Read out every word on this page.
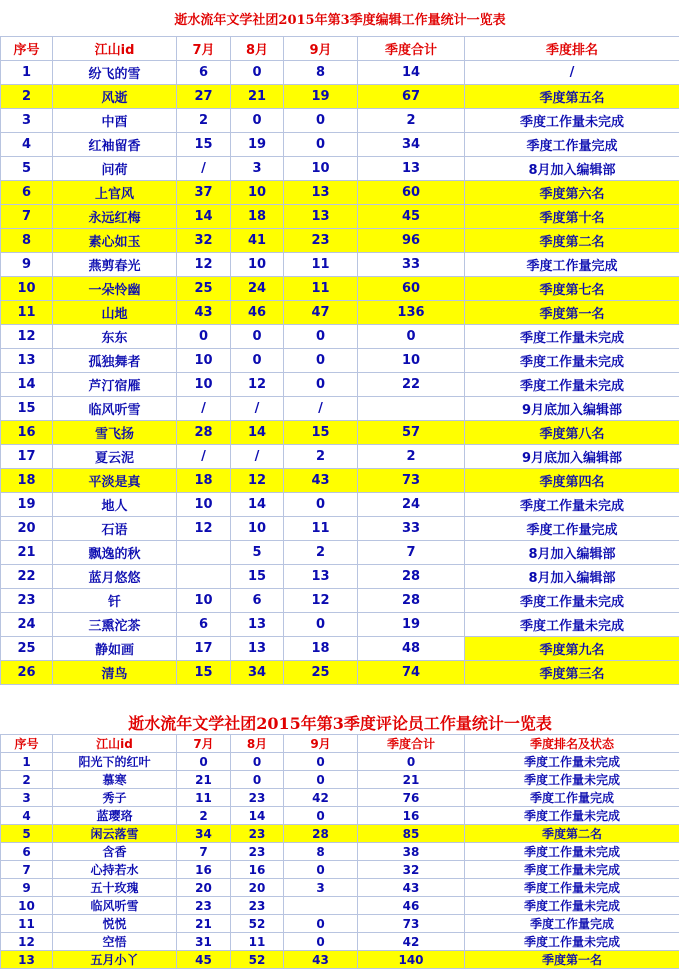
逝水流年文学社团2015年第3季度编辑工作量统计一览表						
序号	江山id	7月	8月	9月	季度合计	季度排名
1	纷飞的雪	6	0	8	14	/
2	风逝	27	21	19	67	季度第五名
3	中酉	2	0	0	2	季度工作量未完成
4	红袖留香	15	19	0	34	季度工作量完成
5	问荷	/	3	10	13	8月加入编辑部
6	上官风	37	10	13	60	季度第六名
7	永远红梅	14	18	13	45	季度第十名
8	素心如玉	32	41	23	96	季度第二名
9	燕剪春光	12	10	11	33	季度工作量完成
10	一朵怜幽	25	24	11	60	季度第七名
11	山地	43	46	47	136	季度第一名
12	东东	0	0	0	0	季度工作量未完成
13	孤独舞者	10	0	0	10	季度工作量未完成
14	芦汀宿雁	10	12	0	22	季度工作量未完成
15	临风听雪	/	/	/		9月底加入编辑部
16	雪飞扬	28	14	15	57	季度第八名
17	夏云泥	/	/	2	2	9月底加入编辑部
18	平淡是真	18	12	43	73	季度第四名
19	地人	10	14	0	24	季度工作量未完成
20	石语	12	10	11	33	季度工作量完成
21	飘逸的秋		5	2	7	8月加入编辑部
22	蓝月悠悠		15	13	28	8月加入编辑部
23	钎	10	6	12	28	季度工作量未完成
24	三熏沱茶	6	13	0	19	季度工作量未完成
25	静如画	17	13	18	48	季度第九名
26	清鸟	15	34	25	74	季度第三名
逝水流年文学社团2015年第3季度评论员工作量统计一览表						
序号	江山id	7月	8月	9月	季度合计	季度排名及状态
1	阳光下的红叶	0	0	0	0	季度工作量未完成
2	慕寒	21	0	0	21	季度工作量未完成
3	秀子	11	23	42	76	季度工作量完成
4	蓝璎珞	2	14	0	16	季度工作量未完成
5	闲云落雪	34	23	28	85	季度第二名
6	含香	7	23	8	38	季度工作量未完成
7	心持若水	16	16	0	32	季度工作量未完成
9	五十玫瑰	20	20	3	43	季度工作量未完成
10	临风听雪	23	23		46	季度工作量未完成
11	悦悦	21	52	0	73	季度工作量完成
12	空悟	31	11	0	42	季度工作量未完成
13	五月小丫	45	52	43	140	季度第一名
